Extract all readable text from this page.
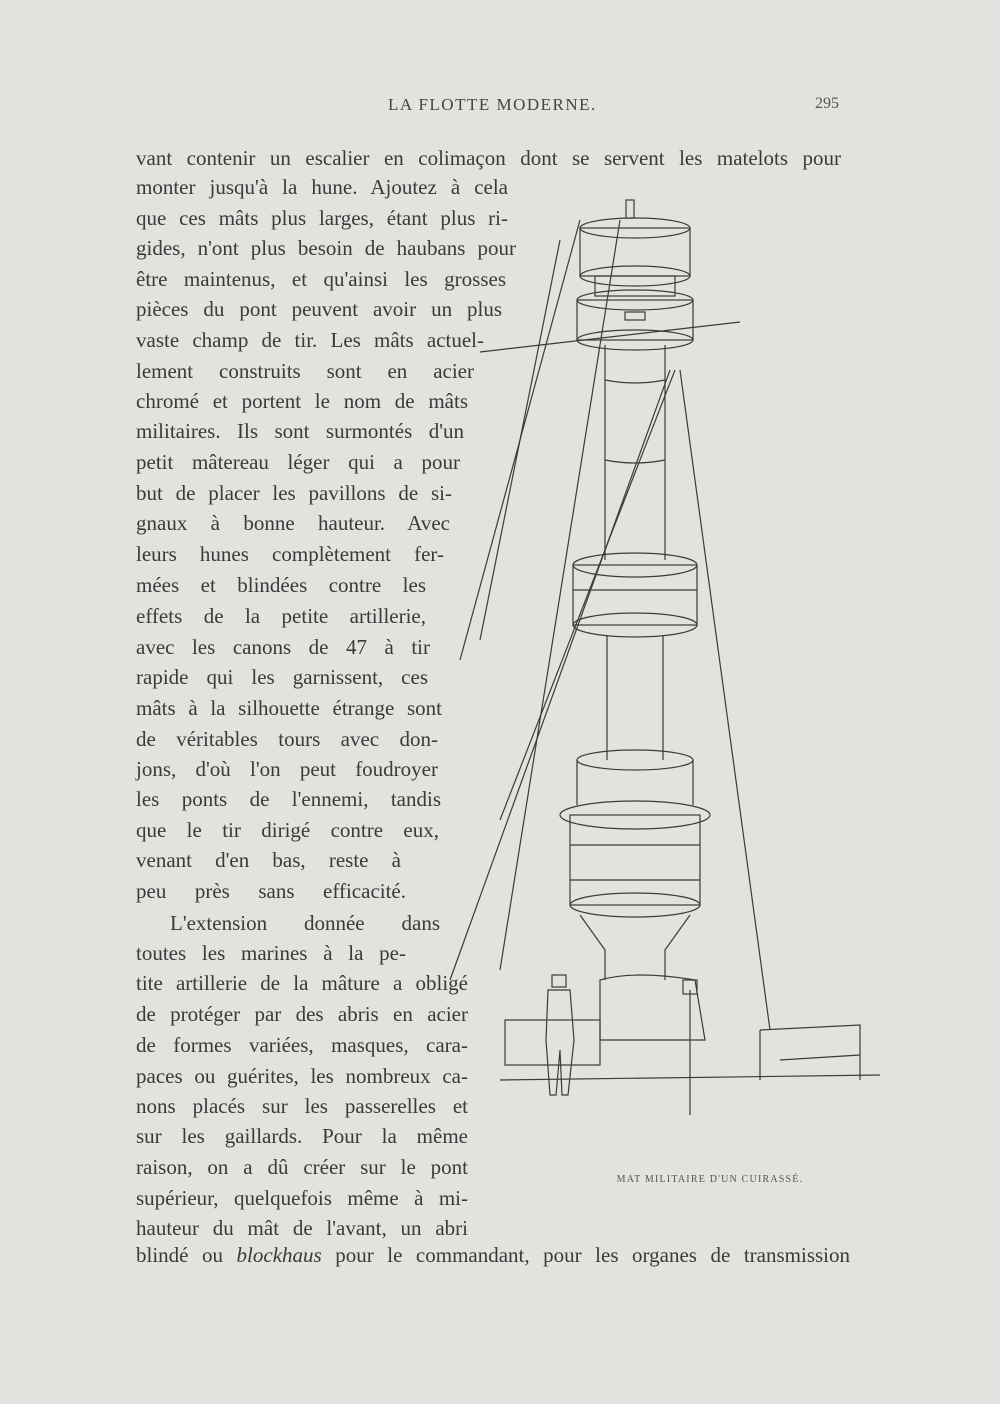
LA FLOTTE MODERNE.	295
vant contenir un escalier en colimaçon dont se servent les matelots pour
monter jusqu'à la hune. Ajoutez à cela
que ces mâts plus larges, étant plus ri-
gides, n'ont plus besoin de haubans pour
être maintenus, et qu'ainsi les grosses
pièces du pont peuvent avoir un plus
vaste champ de tir. Les mâts actuel-
lement construits sont en acier
chromé et portent le nom de mâts
militaires. Ils sont surmontés d'un
petit mâtereau léger qui a pour
but de placer les pavillons de si-
gnaux à bonne hauteur. Avec
leurs hunes complètement fer-
mées et blindées contre les
effets de la petite artillerie,
avec les canons de 47 à tir
rapide qui les garnissent, ces
mâts à la silhouette étrange sont
de véritables tours avec don-
jons, d'où l'on peut foudroyer
les ponts de l'ennemi, tandis
que le tir dirigé contre eux,
venant d'en bas, reste à
peu près sans efficacité.
L'extension donnée dans
toutes les marines à la pe-
tite artillerie de la mâture a obligé
de protéger par des abris en acier
de formes variées, masques, cara-
paces ou guérites, les nombreux ca-
nons placés sur les passerelles et
sur les gaillards. Pour la même
raison, on a dû créer sur le pont
supérieur, quelquefois même à mi-
hauteur du mât de l'avant, un abri
blindé ou blockhaus pour le commandant, pour les organes de transmission
MAT MILITAIRE D'UN CUIRASSÉ.
